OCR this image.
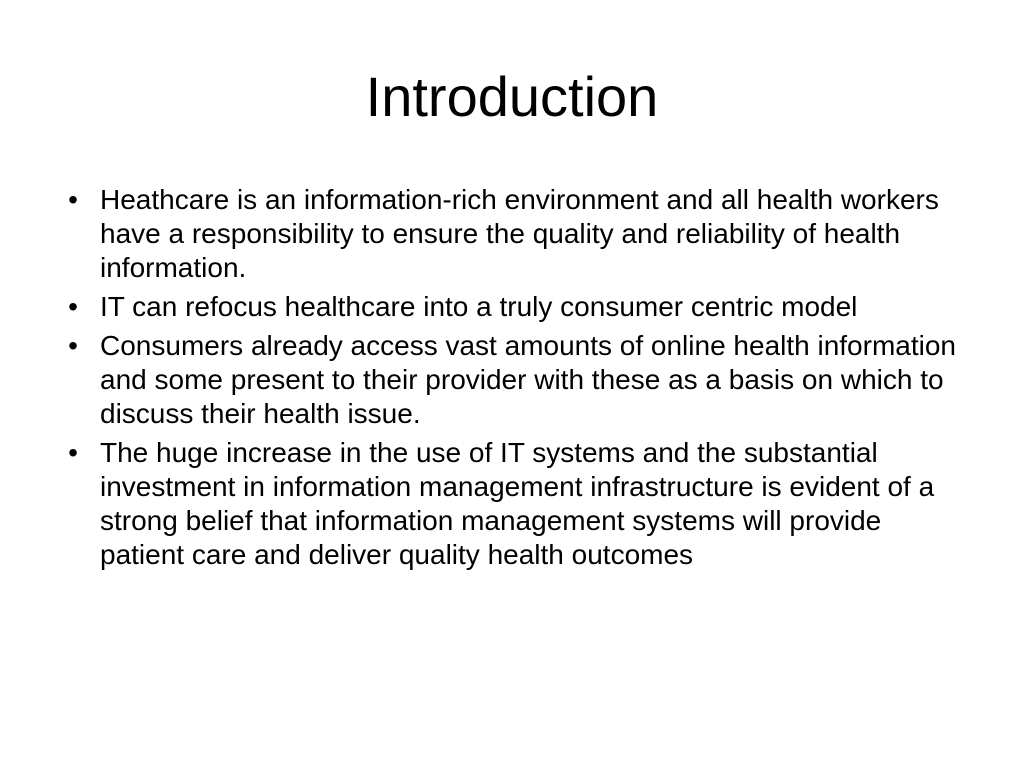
Introduction
• Heathcare is an information-rich environment and all health workers have a responsibility to ensure the quality and reliability of health information.
• IT can refocus healthcare into a truly consumer centric model
• Consumers already access vast amounts of online health information and some present to their provider with these as a basis on which to discuss their health issue.
• The huge increase in the use of IT systems and the substantial investment in information management infrastructure is evident of a strong belief that information management systems will provide patient care and deliver quality health outcomes
